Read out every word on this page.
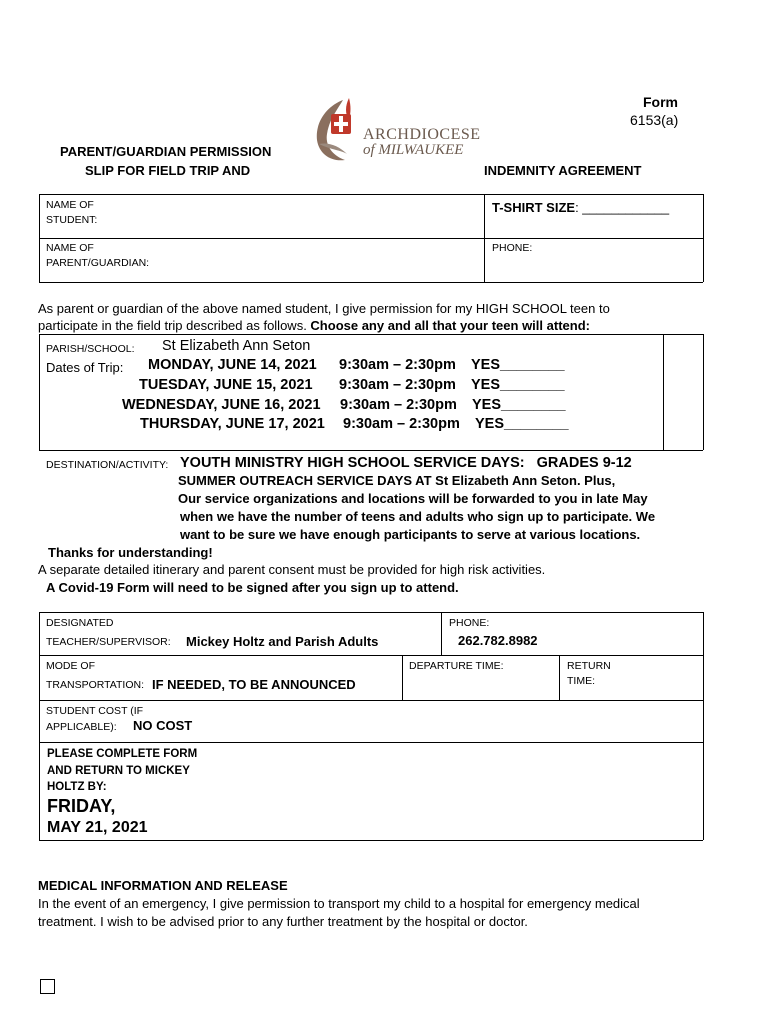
Form
6153(a)
ARCHDIOCESE
of MILWAUKEE
PARENT/GUARDIAN PERMISSION
SLIP FOR FIELD TRIP AND	INDEMNITY AGREEMENT
NAME OF
STUDENT:
T-SHIRT SIZE: ____________
NAME OF
PARENT/GUARDIAN:
PHONE:
As parent or guardian of the above named student, I give permission for my HIGH SCHOOL teen to
participate in the field trip described as follows. Choose any and all that your teen will attend:
PARISH/SCHOOL: St Elizabeth Ann Seton
Dates of Trip: MONDAY, JUNE 14, 2021 9:30am – 2:30pm YES________
TUESDAY, JUNE 15, 2021 9:30am – 2:30pm YES________
WEDNESDAY, JUNE 16, 2021 9:30am – 2:30pm YES________
THURSDAY, JUNE 17, 2021 9:30am – 2:30pm YES________
DESTINATION/ACTIVITY: YOUTH MINISTRY HIGH SCHOOL SERVICE DAYS:   GRADES 9-12
SUMMER OUTREACH SERVICE DAYS AT St Elizabeth Ann Seton. Plus,
Our service organizations and locations will be forwarded to you in late May
when we have the number of teens and adults who sign up to participate. We
want to be sure we have enough participants to serve at various locations.
Thanks for understanding!
A separate detailed itinerary and parent consent must be provided for high risk activities.
A Covid-19 Form will need to be signed after you sign up to attend.
DESIGNATED
TEACHER/SUPERVISOR: Mickey Holtz and Parish Adults
PHONE:
262.782.8982
MODE OF
TRANSPORTATION: IF NEEDED, TO BE ANNOUNCED
DEPARTURE TIME:	RETURN
TIME:
STUDENT COST (IF
APPLICABLE): NO COST
PLEASE COMPLETE FORM
AND RETURN TO MICKEY
HOLTZ BY:
FRIDAY,
MAY 21, 2021
MEDICAL INFORMATION AND RELEASE
In the event of an emergency, I give permission to transport my child to a hospital for emergency medical
treatment. I wish to be advised prior to any further treatment by the hospital or doctor.
